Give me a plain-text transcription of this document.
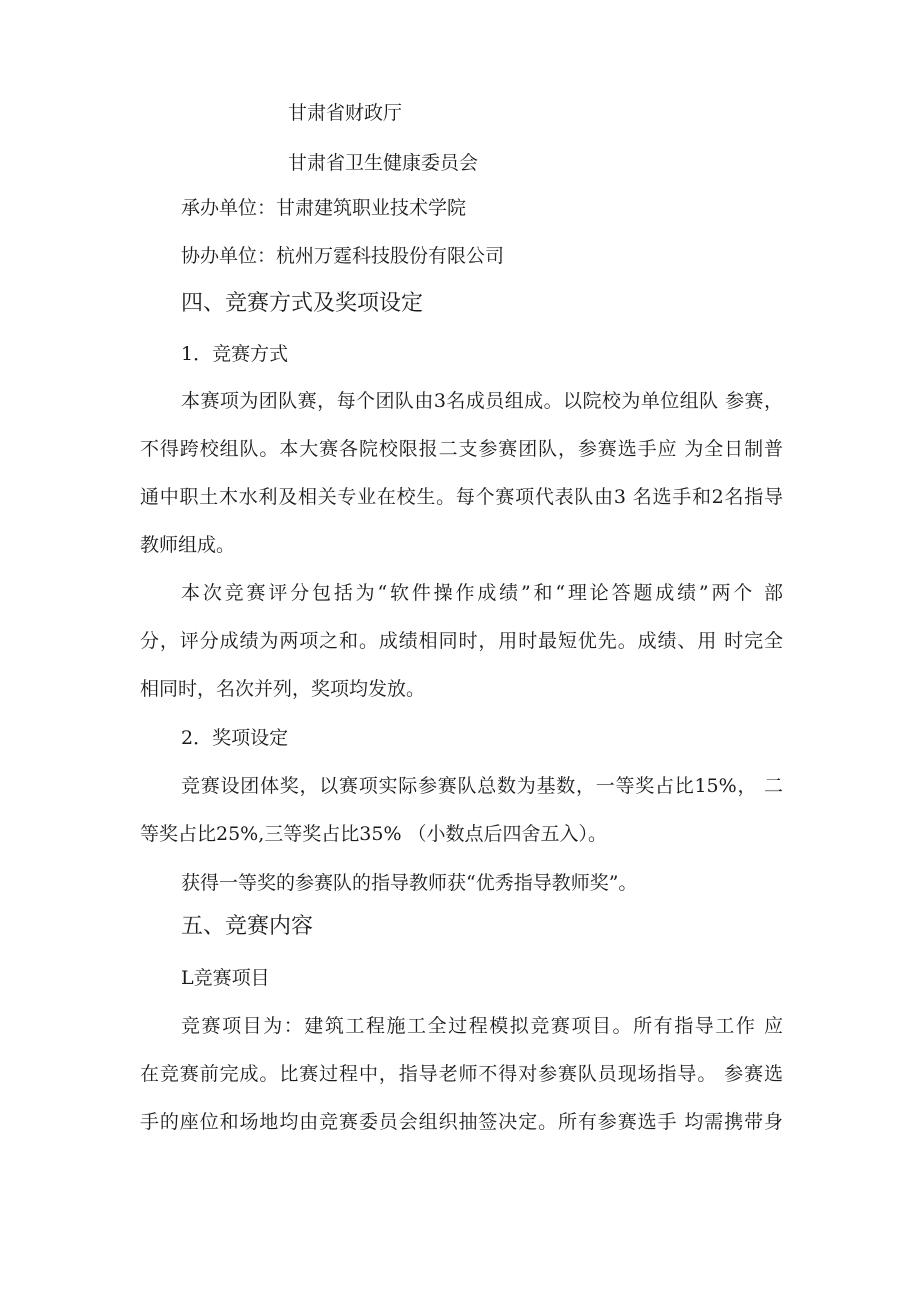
甘肃省财政厅
甘肃省卫生健康委员会
承办单位：甘肃建筑职业技术学院
协办单位：杭州万霆科技股份有限公司
四、竞赛方式及奖项设定
1．竞赛方式
本赛项为团队赛，每个团队由3名成员组成。以院校为单位组队 参赛，
不得跨校组队。本大赛各院校限报二支参赛团队，参赛选手应 为全日制普
通中职土木水利及相关专业在校生。每个赛项代表队由3 名选手和2名指导
教师组成。
本次竞赛评分包括为“软件操作成绩”和“理论答题成绩”两个 部
分，评分成绩为两项之和。成绩相同时，用时最短优先。成绩、用 时完全
相同时，名次并列，奖项均发放。
2．奖项设定
竞赛设团体奖，以赛项实际参赛队总数为基数，一等奖占比15%， 二
等奖占比25%,三等奖占比35% （小数点后四舍五入）。
获得一等奖的参赛队的指导教师获“优秀指导教师奖”。
五、竞赛内容
L竞赛项目
竞赛项目为：建筑工程施工全过程模拟竞赛项目。所有指导工作 应
在竞赛前完成。比赛过程中，指导老师不得对参赛队员现场指导。 参赛选
手的座位和场地均由竞赛委员会组织抽签决定。所有参赛选手 均需携带身
